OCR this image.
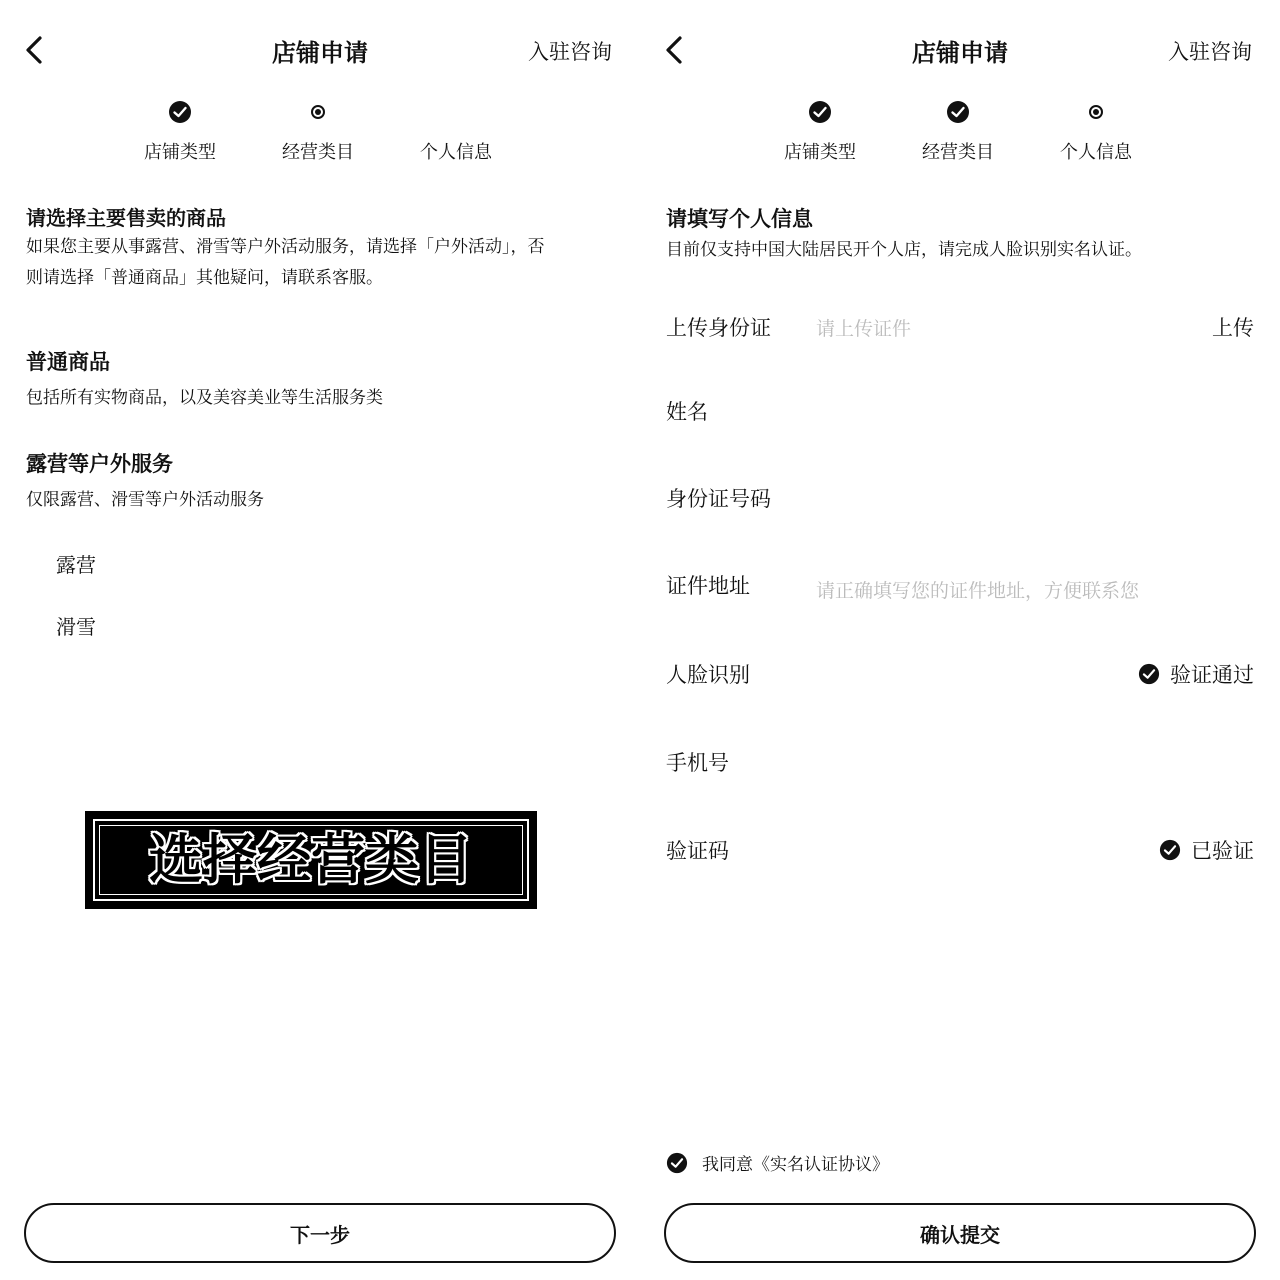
店铺申请	入驻咨询
店铺类型	经营类目	个人信息
请选择主要售卖的商品
如果您主要从事露营、滑雪等户外活动服务，请选择「户外活动」，否
则请选择「普通商品」其他疑问，请联系客服。
普通商品
包括所有实物商品，以及美容美业等生活服务类
露营等户外服务
仅限露营、滑雪等户外活动服务
露营
滑雪
选择经营类目
下一步
店铺申请	入驻咨询
店铺类型	经营类目	个人信息
请填写个人信息
目前仅支持中国大陆居民开个人店，请完成人脸识别实名认证。
上传身份证 请上传证件	上传
姓名
身份证号码
证件地址	请正确填写您的证件地址，方便联系您
人脸识别	验证通过
手机号
验证码	已验证
我同意《实名认证协议》
确认提交
